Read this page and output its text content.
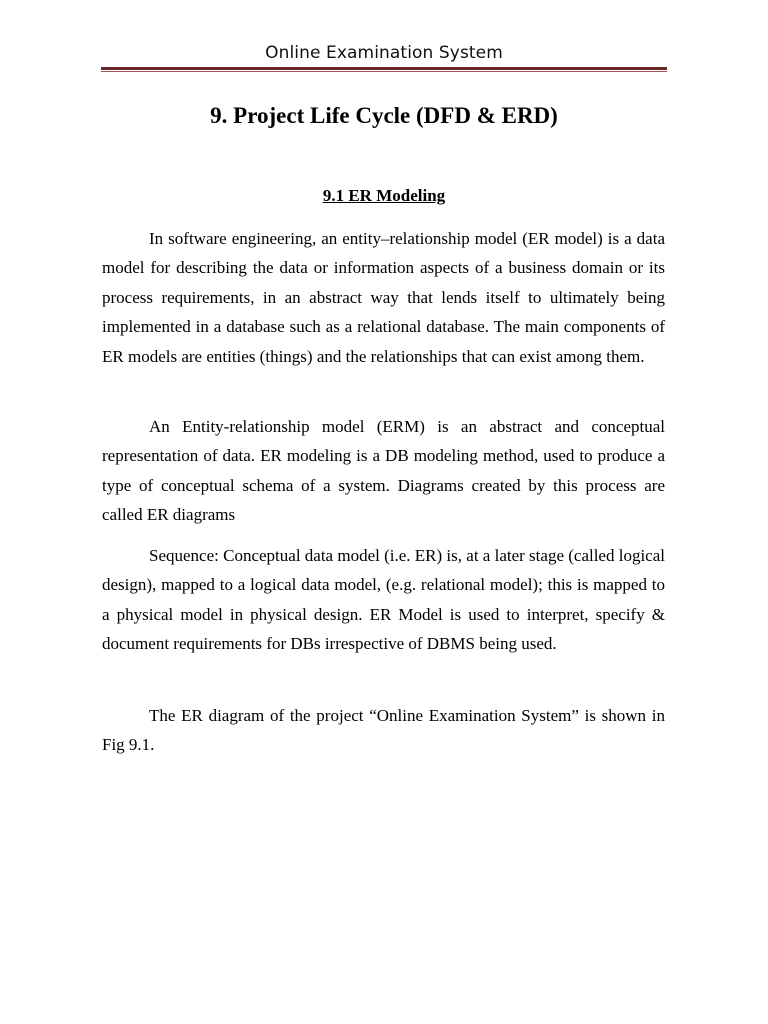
Online Examination System
9. Project Life Cycle (DFD & ERD)
9.1 ER Modeling

In software engineering, an entity–relationship model (ER model) is a data model for describing the data or information aspects of a business domain or its process requirements, in an abstract way that lends itself to ultimately being implemented in a database such as a relational database. The main components of ER models are entities (things) and the relationships that can exist among them.

An Entity-relationship model (ERM) is an abstract and conceptual representation of data. ER modeling is a DB modeling method, used to produce a type of conceptual schema of a system. Diagrams created by this process are called ER diagrams

Sequence: Conceptual data model (i.e. ER) is, at a later stage (called logical design), mapped to a logical data model, (e.g. relational model); this is mapped to a physical model in physical design. ER Model is used to interpret, specify & document requirements for DBs irrespective of DBMS being used.

The ER diagram of the project “Online Examination System” is shown in Fig 9.1.
